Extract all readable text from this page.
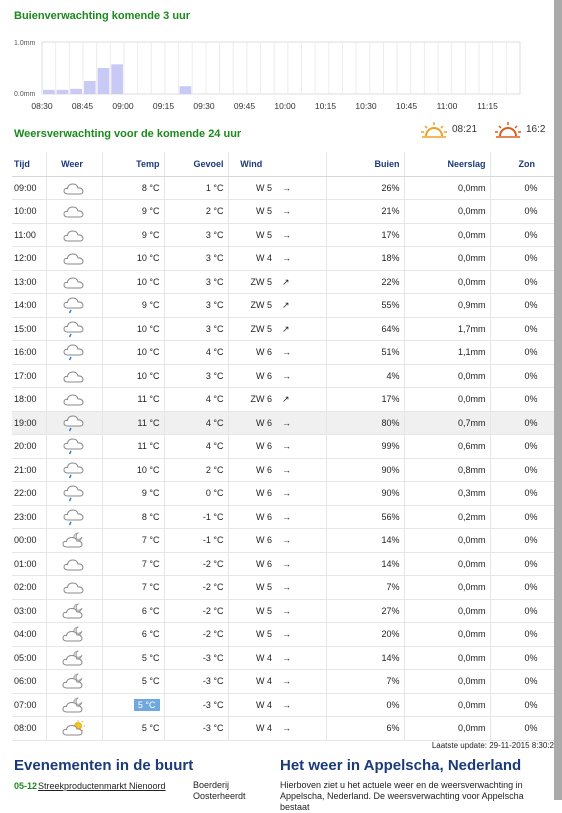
Buienverwachting komende 3 uur
1.0mm
0.0mm
08:30 08:45 09:00 09:15 09:30 09:45 10:00 10:15 10:30 10:45 11:00 11:15
Weersverwachting voor de komende 24 uur	08:21	16:2
Tijd	Weer	Temp	Gevoel	Wind		Buien	Neerslag	Zon
09:00		8 °C	1 °C	W 5	→	26%	0,0mm	0%
10:00		9 °C	2 °C	W 5	→	21%	0,0mm	0%
11:00		9 °C	3 °C	W 5	→	17%	0,0mm	0%
12:00		10 °C	3 °C	W 4	→	18%	0,0mm	0%
13:00		10 °C	3 °C	ZW 5	↗	22%	0,0mm	0%
14:00		9 °C	3 °C	ZW 5	↗	55%	0,9mm	0%
15:00		10 °C	3 °C	ZW 5	↗	64%	1,7mm	0%
16:00		10 °C	4 °C	W 6	→	51%	1,1mm	0%
17:00		10 °C	3 °C	W 6	→	4%	0,0mm	0%
18:00		11 °C	4 °C	ZW 6	↗	17%	0,0mm	0%
19:00		11 °C	4 °C	W 6	→	80%	0,7mm	0%
20:00		11 °C	4 °C	W 6	→	99%	0,6mm	0%
21:00		10 °C	2 °C	W 6	→	90%	0,8mm	0%
22:00		9 °C	0 °C	W 6	→	90%	0,3mm	0%
23:00		8 °C	-1 °C	W 6	→	56%	0,2mm	0%
00:00		7 °C	-1 °C	W 6	→	14%	0,0mm	0%
01:00		7 °C	-2 °C	W 6	→	14%	0,0mm	0%
02:00		7 °C	-2 °C	W 5	→	7%	0,0mm	0%
03:00		6 °C	-2 °C	W 5	→	27%	0,0mm	0%
04:00		6 °C	-2 °C	W 5	→	20%	0,0mm	0%
05:00		5 °C	-3 °C	W 4	→	14%	0,0mm	0%
06:00		5 °C	-3 °C	W 4	→	7%	0,0mm	0%
07:00		5 °C	-3 °C	W 4	→	0%	0,0mm	0%
08:00		5 °C	-3 °C	W 4	→	6%	0,0mm	0%
Laatste update: 29-11-2015 8:30:2
Evenementen in de buurt
05-12 Streekproductenmarkt Nienoord	Boerderij Oosterheerdt
Het weer in Appelscha, Nederland
Hierboven ziet u het actuele weer en de weersverwachting in Appelscha, Nederland. De weersverwachting voor Appelscha bestaat
